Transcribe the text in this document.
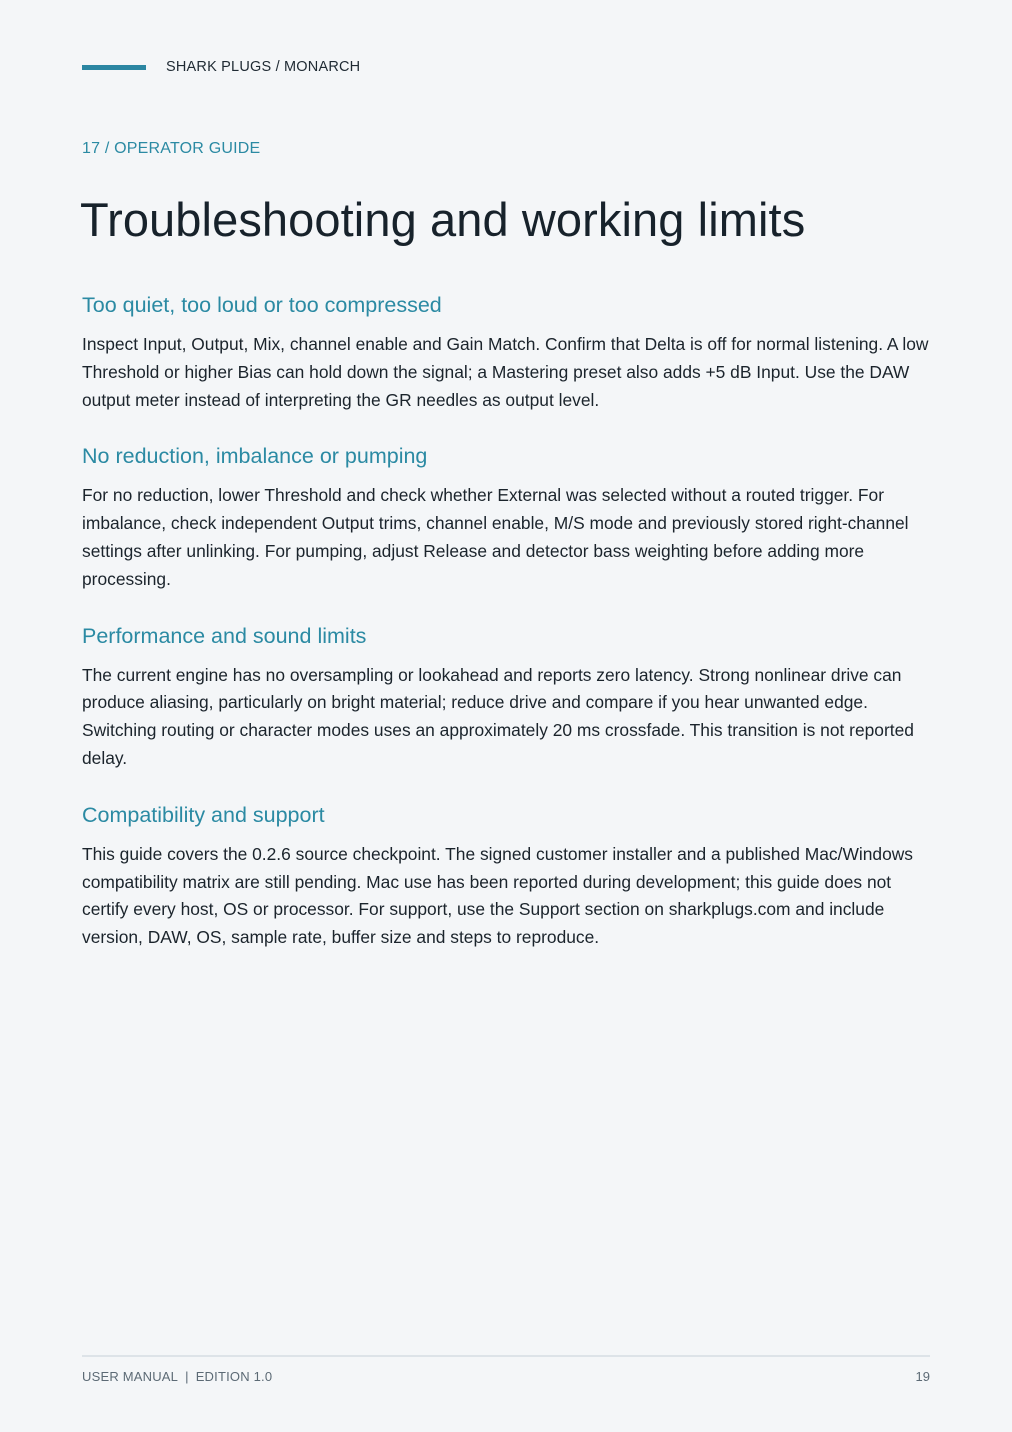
SHARK PLUGS / MONARCH
17 / OPERATOR GUIDE
Troubleshooting and working limits
Too quiet, too loud or too compressed

Inspect Input, Output, Mix, channel enable and Gain Match. Confirm that Delta is off for normal listening. A low Threshold or higher Bias can hold down the signal; a Mastering preset also adds +5 dB Input. Use the DAW output meter instead of interpreting the GR needles as output level.

No reduction, imbalance or pumping

For no reduction, lower Threshold and check whether External was selected without a routed trigger. For imbalance, check independent Output trims, channel enable, M/S mode and previously stored right-channel settings after unlinking. For pumping, adjust Release and detector bass weighting before adding more processing.

Performance and sound limits

The current engine has no oversampling or lookahead and reports zero latency. Strong nonlinear drive can produce aliasing, particularly on bright material; reduce drive and compare if you hear unwanted edge. Switching routing or character modes uses an approximately 20 ms crossfade. This transition is not reported delay.

Compatibility and support

This guide covers the 0.2.6 source checkpoint. The signed customer installer and a published Mac/Windows compatibility matrix are still pending. Mac use has been reported during development; this guide does not certify every host, OS or processor. For support, use the Support section on sharkplugs.com and include version, DAW, OS, sample rate, buffer size and steps to reproduce.

USER MANUAL | EDITION 1.0	19
